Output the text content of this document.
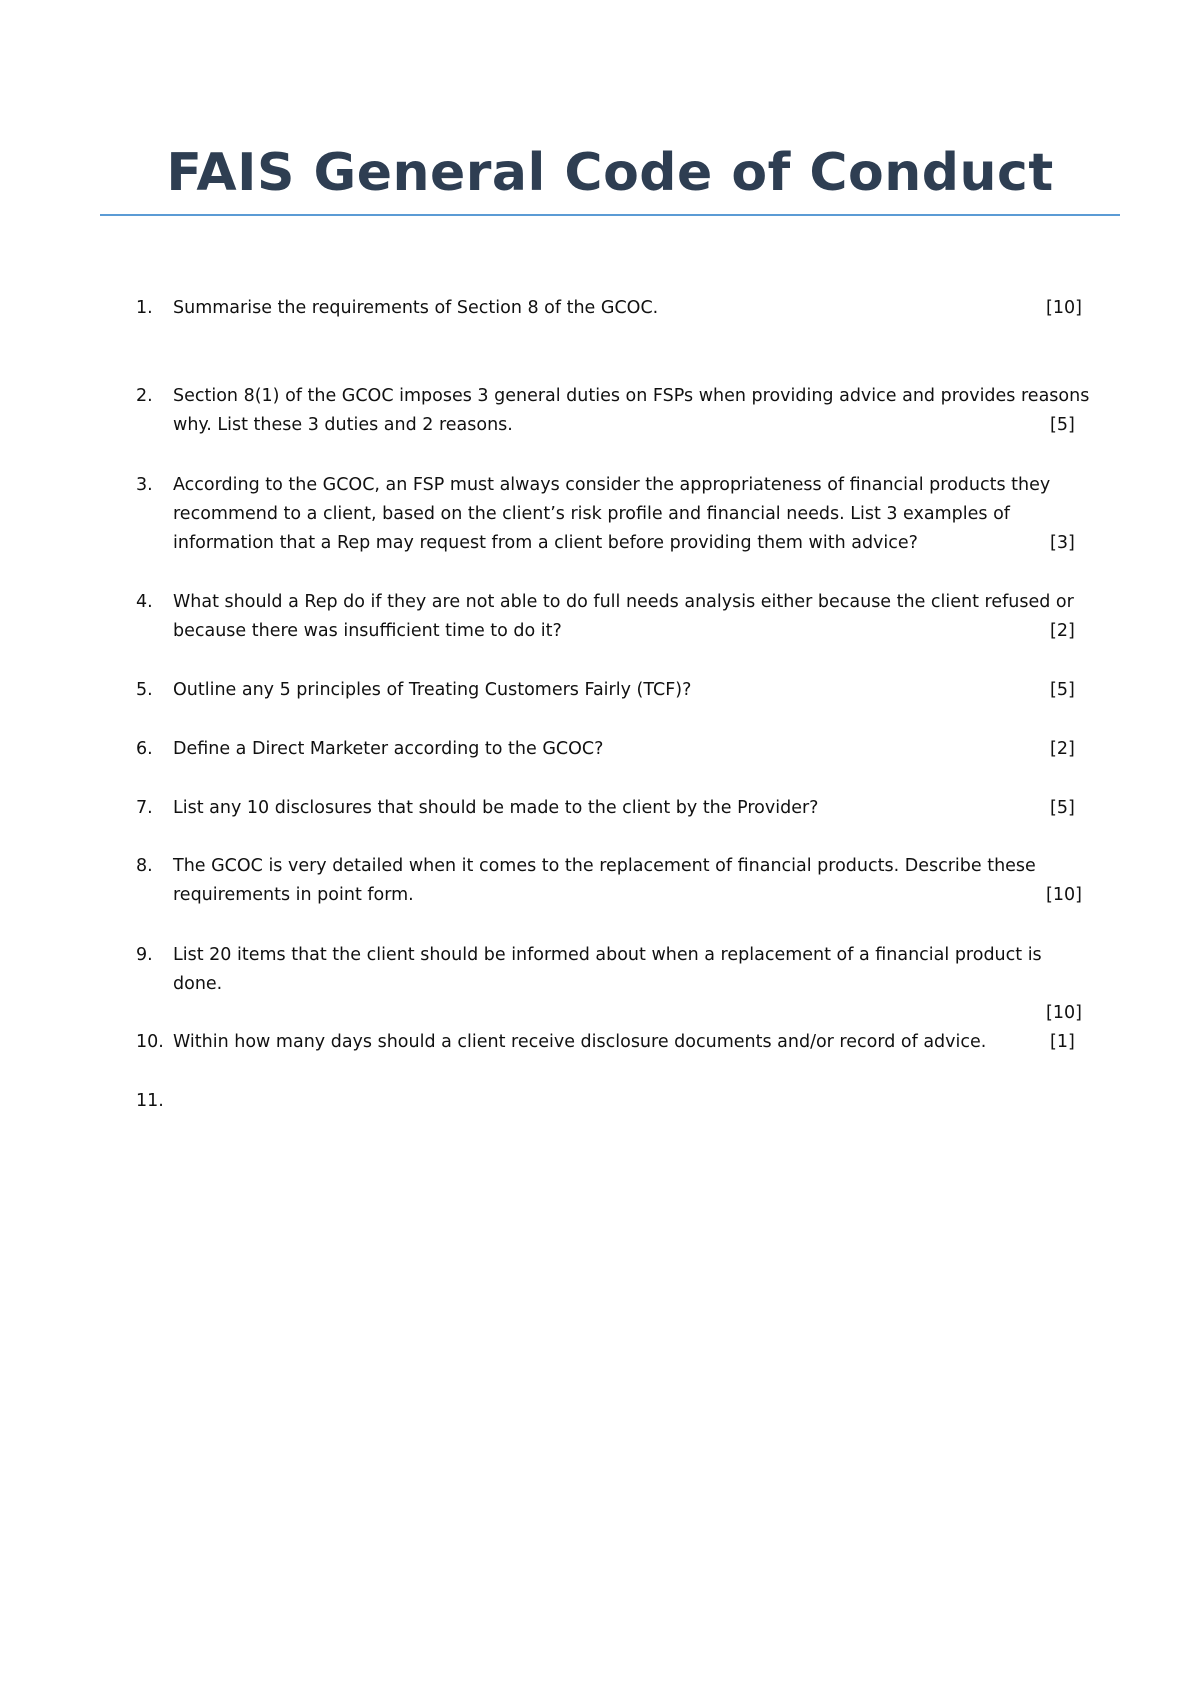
FAIS General Code of Conduct
1.	Summarise the requirements of Section 8 of the GCOC.	[10]
2.	Section 8(1) of the GCOC imposes 3 general duties on FSPs when providing advice and provides reasons
why. List these 3 duties and 2 reasons.	[5]
3.	According to the GCOC, an FSP must always consider the appropriateness of financial products they
recommend to a client, based on the client’s risk profile and financial needs. List 3 examples of
information that a Rep may request from a client before providing them with advice?	[3]
4.	What should a Rep do if they are not able to do full needs analysis either because the client refused or
because there was insufficient time to do it?	[2]
5.	Outline any 5 principles of Treating Customers Fairly (TCF)?	[5]
6.	Define a Direct Marketer according to the GCOC?	[2]
7.	List any 10 disclosures that should be made to the client by the Provider?	[5]
8.	The GCOC is very detailed when it comes to the replacement of financial products. Describe these
requirements in point form.	[10]
9.	List 20 items that the client should be informed about when a replacement of a financial product is
done.
[10]
10. Within how many days should a client receive disclosure documents and/or record of advice.	[1]
11.
